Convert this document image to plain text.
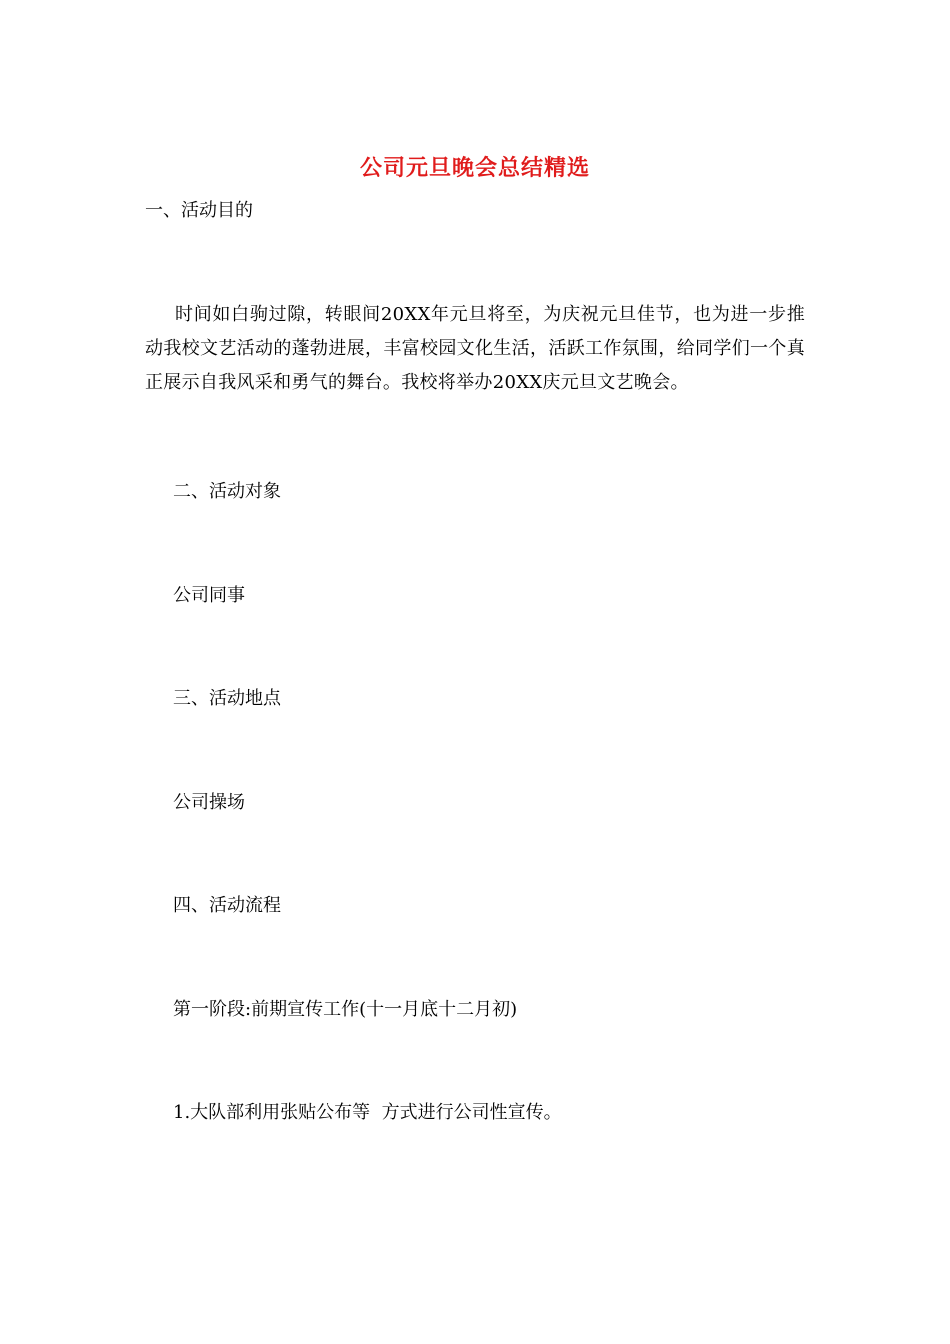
公司元旦晚会总结精选
一、活动目的
时间如白驹过隙，转眼间20XX年元旦将至，为庆祝元旦佳节，也为进一步推动我校文艺活动的蓬勃进展，丰富校园文化生活，活跃工作氛围，给同学们一个真正展示自我风采和勇气的舞台。我校将举办20XX庆元旦文艺晚会。
二、活动对象
公司同事
三、活动地点
公司操场
四、活动流程
第一阶段:前期宣传工作(十一月底十二月初)
1.大队部利用张贴公布等  方式进行公司性宣传。
